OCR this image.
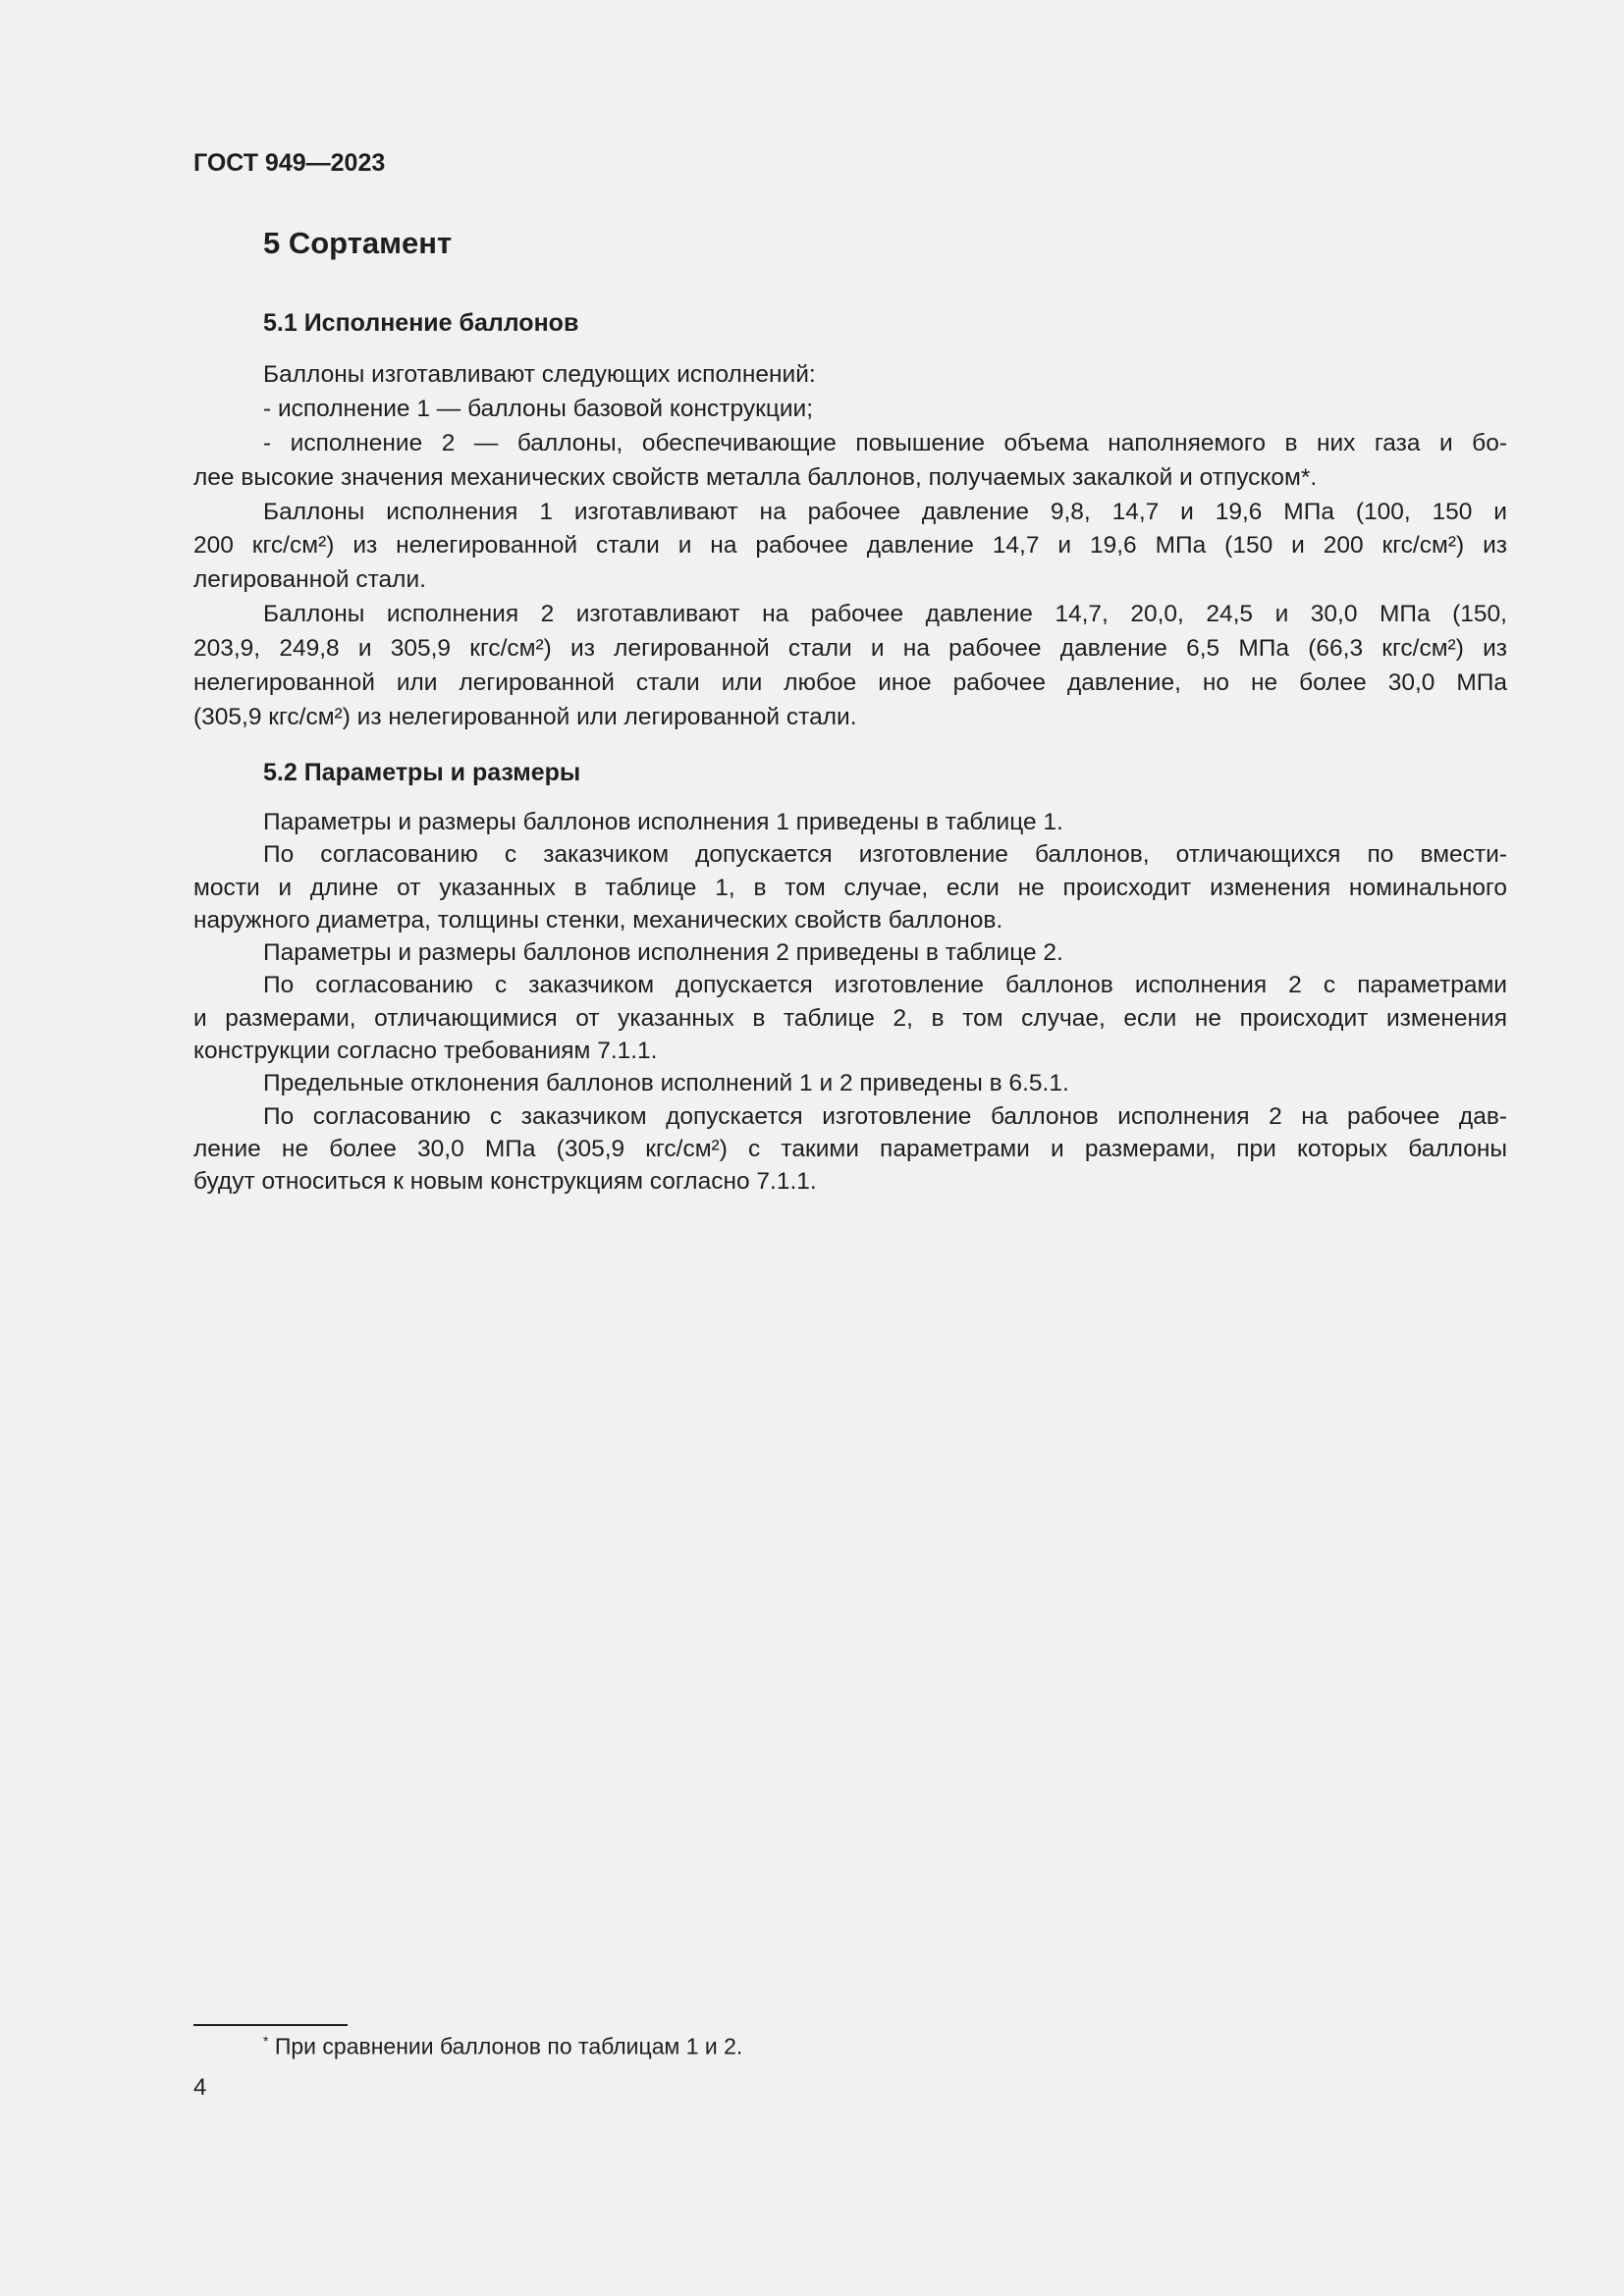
ГОСТ 949—2023
5 Сортамент
5.1 Исполнение баллонов
Баллоны изготавливают следующих исполнений:
- исполнение 1 — баллоны базовой конструкции;
- исполнение 2 — баллоны, обеспечивающие повышение объема наполняемого в них газа и бо-
лее высокие значения механических свойств металла баллонов, получаемых закалкой и отпуском*.
Баллоны исполнения 1 изготавливают на рабочее давление 9,8, 14,7 и 19,6 МПа (100, 150 и
200 кгс/см²) из нелегированной стали и на рабочее давление 14,7 и 19,6 МПа (150 и 200 кгс/см²) из
легированной стали.
Баллоны исполнения 2 изготавливают на рабочее давление 14,7, 20,0, 24,5 и 30,0 МПа (150,
203,9, 249,8 и 305,9 кгс/см²) из легированной стали и на рабочее давление 6,5 МПа (66,3 кгс/см²) из
нелегированной или легированной стали или любое иное рабочее давление, но не более 30,0 МПа
(305,9 кгс/см²) из нелегированной или легированной стали.
5.2 Параметры и размеры
Параметры и размеры баллонов исполнения 1 приведены в таблице 1.
По согласованию с заказчиком допускается изготовление баллонов, отличающихся по вмести-
мости и длине от указанных в таблице 1, в том случае, если не происходит изменения номинального
наружного диаметра, толщины стенки, механических свойств баллонов.
Параметры и размеры баллонов исполнения 2 приведены в таблице 2.
По согласованию с заказчиком допускается изготовление баллонов исполнения 2 с параметрами
и размерами, отличающимися от указанных в таблице 2, в том случае, если не происходит изменения
конструкции согласно требованиям 7.1.1.
Предельные отклонения баллонов исполнений 1 и 2 приведены в 6.5.1.
По согласованию с заказчиком допускается изготовление баллонов исполнения 2 на рабочее дав-
ление не более 30,0 МПа (305,9 кгс/см²) с такими параметрами и размерами, при которых баллоны
будут относиться к новым конструкциям согласно 7.1.1.
* При сравнении баллонов по таблицам 1 и 2.
4
